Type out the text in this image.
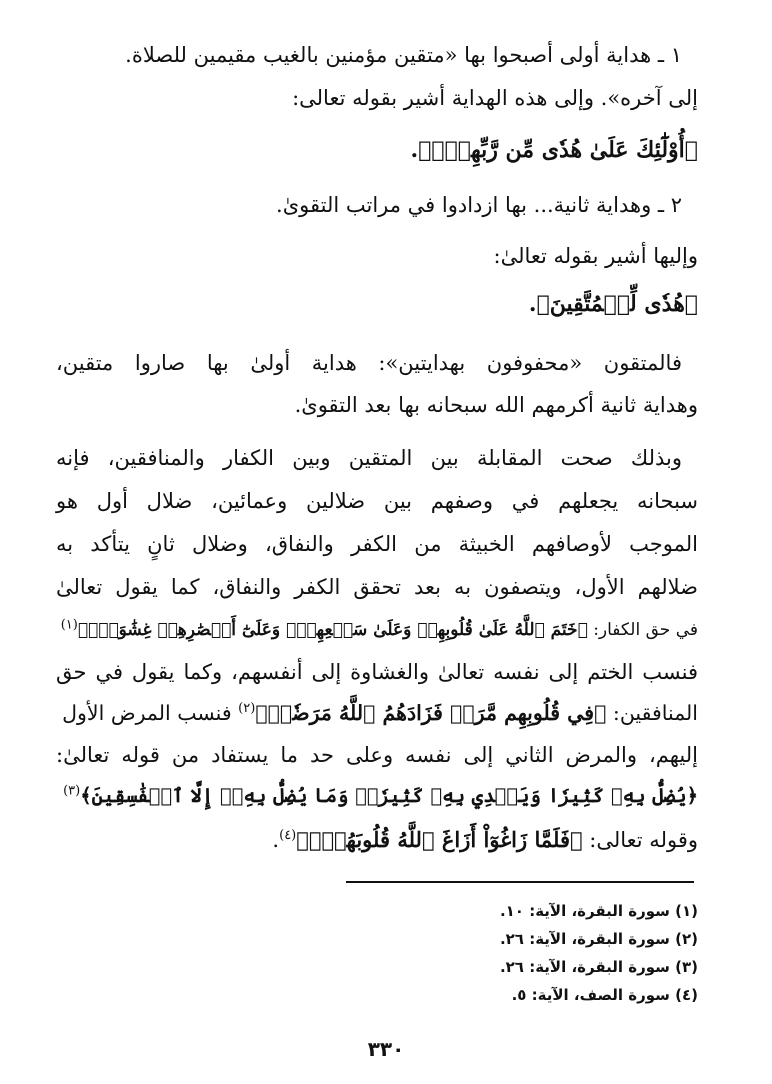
١ ـ هداية أولى أصبحوا بها «متقين مؤمنين بالغيب مقيمين للصلاة.
إلى آخره». وإلى هذه الهداية أشير بقوله تعالى:
﴿أُوْلَٰٓئِكَ عَلَىٰ هُدٗى مِّن رَّبِّهِمۡۖ﴾.
٢ ـ وهداية ثانية... بها ازدادوا في مراتب التقوىٰ.
وإليها أشير بقوله تعالىٰ:
﴿هُدٗى لِّلۡمُتَّقِينَ﴾.
فالمتقون «محفوفون بهدايتين»: هداية أولىٰ بها صاروا متقين،
وهداية ثانية أكرمهم الله سبحانه بها بعد التقوىٰ.
وبذلك صحت المقابلة بين المتقين وبين الكفار والمنافقين، فإنه
سبحانه يجعلهم في وصفهم بين ضلالين وعمائين، ضلال أول هو
الموجب لأوصافهم الخبيثة من الكفر والنفاق، وضلال ثانٍ يتأكد به
ضلالهم الأول، ويتصفون به بعد تحقق الكفر والنفاق، كما يقول تعالىٰ
في حق الكفار: ﴿خَتَمَ ٱللَّهُ عَلَىٰ قُلُوبِهِمۡ وَعَلَىٰ سَمۡعِهِمۡۖ وَعَلَىٰٓ أَبۡصَٰرِهِمۡ غِشَٰوَةٞۖ﴾$^{(١)}$
فنسب الختم إلى نفسه تعالىٰ والغشاوة إلى أنفسهم، وكما يقول في حق
المنافقين: ﴿فِي قُلُوبِهِم مَّرَضٞ فَزَادَهُمُ ٱللَّهُ مَرَضٗاۖ﴾$^{(٢)}$ فنسب المرض الأول
إليهم، والمرض الثاني إلى نفسه وعلى حد ما يستفاد من قوله تعالىٰ:
﴿يُضِلُّ بِهِۦ كَثِيرٗا وَيَهۡدِي بِهِۦ كَثِيرٗاۚ وَمَا يُضِلُّ بِهِۦٓ إِلَّا ٱلۡفَٰسِقِينَ﴾$^{(٣)}$
وقوله تعالى: ﴿فَلَمَّا زَاغُوٓاْ أَزَاغَ ٱللَّهُ قُلُوبَهُمۡۚ﴾$^{(٤)}$.
(١) سورة البقرة، الآية: ١٠.
(٢) سورة البقرة، الآية: ٢٦.
(٣) سورة البقرة، الآية: ٢٦.
(٤) سورة الصف، الآية: ٥.
٣٣٠
